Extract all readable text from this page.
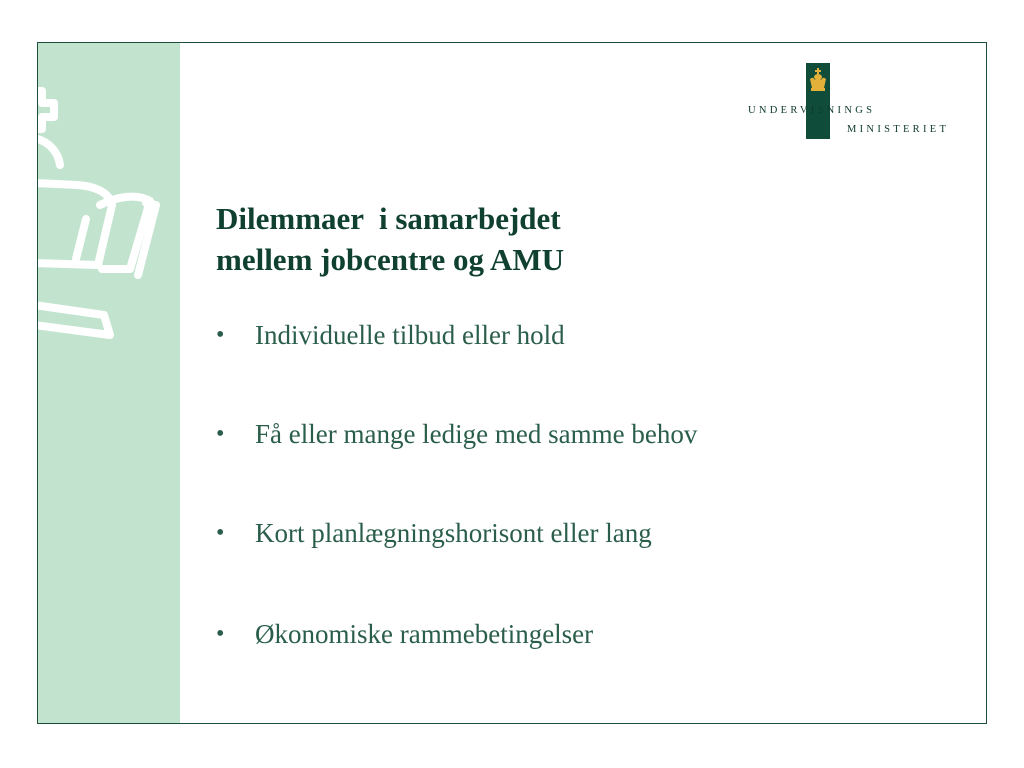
UNDERVISNINGS

MINISTERIET

Dilemmaer  i samarbejdet
mellem jobcentre og AMU
•	Individuelle tilbud eller hold
•	Få eller mange ledige med samme behov
•	Kort planlægningshorisont eller lang
•	Økonomiske rammebetingelser
